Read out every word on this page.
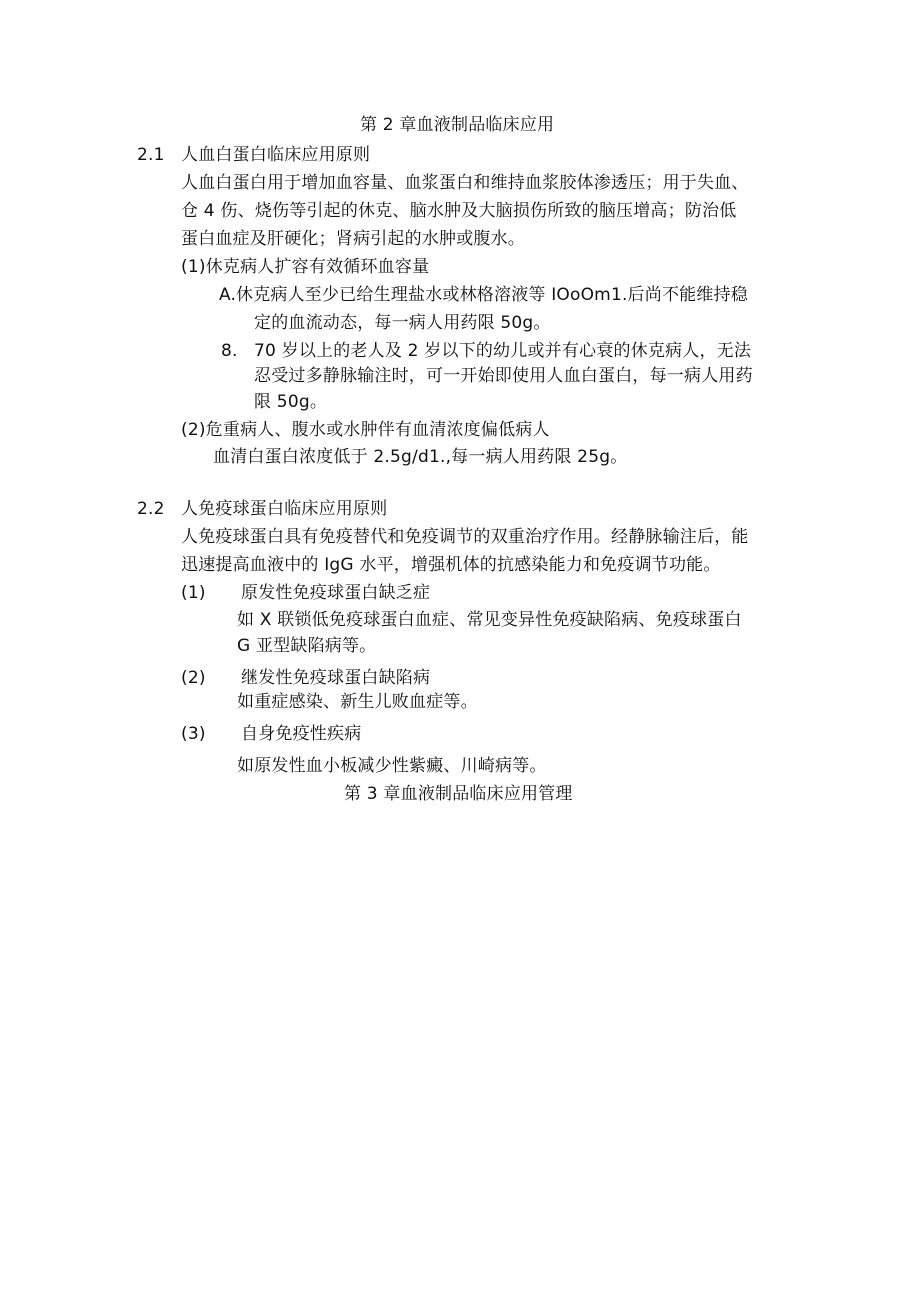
第 2 章血液制品临床应用
2.1 人血白蛋白临床应用原则
人血白蛋白用于增加血容量、血浆蛋白和维持血浆胶体渗透压；用于失血、
仓 4 伤、烧伤等引起的休克、脑水肿及大脑损伤所致的脑压增高；防治低
蛋白血症及肝硬化；肾病引起的水肿或腹水。
(1)休克病人扩容有效循环血容量
A. 休克病人至少已给生理盐水或林格溶液等 IOoOm1.后尚不能维持稳
定的血流动态，每一病人用药限 50g。
8. 70 岁以上的老人及 2 岁以下的幼儿或并有心衰的休克病人，无法
忍受过多静脉输注时，可一开始即使用人血白蛋白，每一病人用药
限 50g。
(2)危重病人、腹水或水肿伴有血清浓度偏低病人
血清白蛋白浓度低于 2.5g∕d1.,每一病人用药限 25g。
2.2 人免疫球蛋白临床应用原则
人免疫球蛋白具有免疫替代和免疫调节的双重治疗作用。经静脉输注后，能
迅速提高血液中的 IgG 水平，增强机体的抗感染能力和免疫调节功能。
(1) 原发性免疫球蛋白缺乏症
如 X 联锁低免疫球蛋白血症、常见变异性免疫缺陷病、免疫球蛋白
G 亚型缺陷病等。
(2) 继发性免疫球蛋白缺陷病
如重症感染、新生儿败血症等。
(3) 自身免疫性疾病
如原发性血小板减少性紫癜、川崎病等。
第 3 章血液制品临床应用管理
